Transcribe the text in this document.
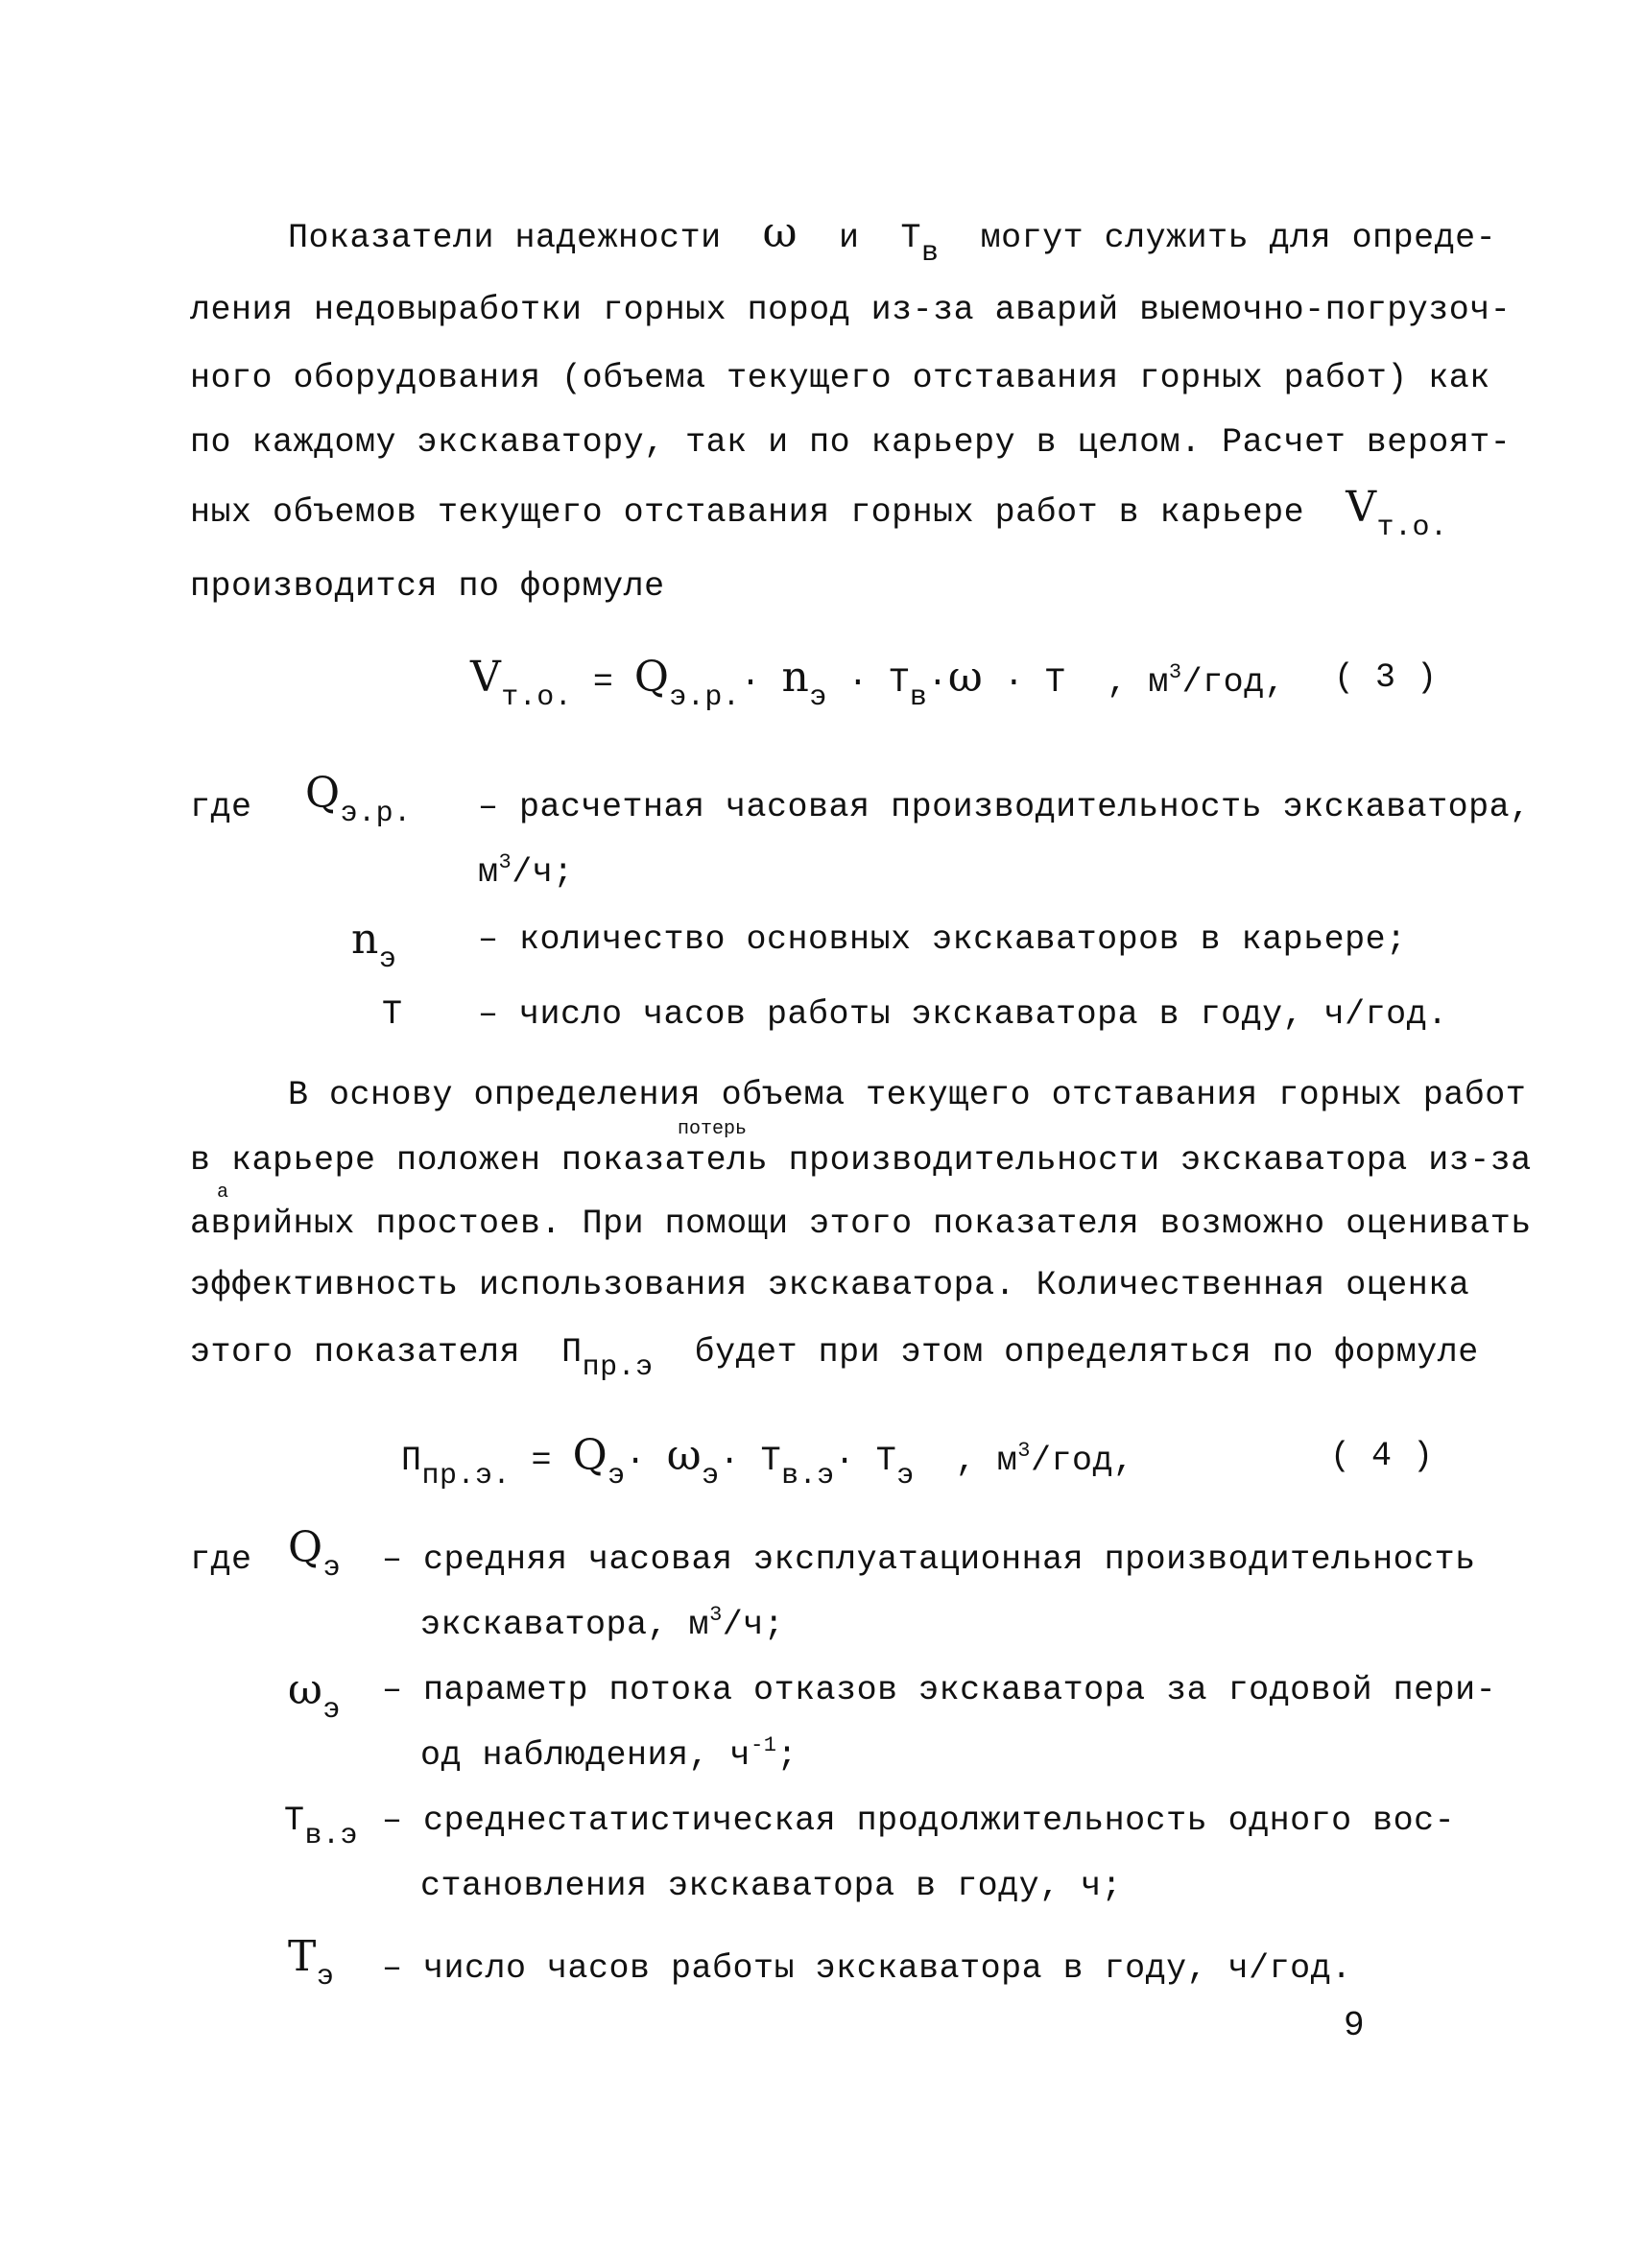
Показатели надежности ω и Tв могут служить для опреде-
ления недовыработки горных пород из-за аварий выемочно-погрузоч-
ного оборудования (объема текущего отставания горных работ) как
по каждому экскаватору, так и по карьеру в целом. Расчет вероят-
ных объемов текущего отставания горных работ в карьере Vт.о.
производится по формуле
Vт.о. = Qэ.р.· nэ · Tв·ω · T , $м^3$/год, ( 3 )
где Qэ.р. – расчетная часовая производительность экскаватора,
$м^3/ч$;
nэ
– количество основных экскаваторов в карьере;
T – число часов работы экскаватора в году, ч/год.
В основу определения объема текущего отставания горных работ
потерь
в карьере положен показатель производительности экскаватора из-за
а
аврийных простоев. При помощи этого показателя возможно оценивать
эффективность использования экскаватора. Количественная оценка
этого показателя Ппр.э будет при этом определяться по формуле
Ппр.э. = Qэ· ωэ· Tв.э· Tэ , $м^3$/год,	( 4 )
где Qэ – средняя часовая эксплуатационная производительность
экскаватора, $м^3/ч$;
ωэ
– параметр потока отказов экскаватора за годовой пери-
од наблюдения, $ч^{-1}$;
Tв.э – среднестатистическая продолжительность одного вос-
становления экскаватора в году, ч;
Tэ – число часов работы экскаватора в году, ч/год.
9
